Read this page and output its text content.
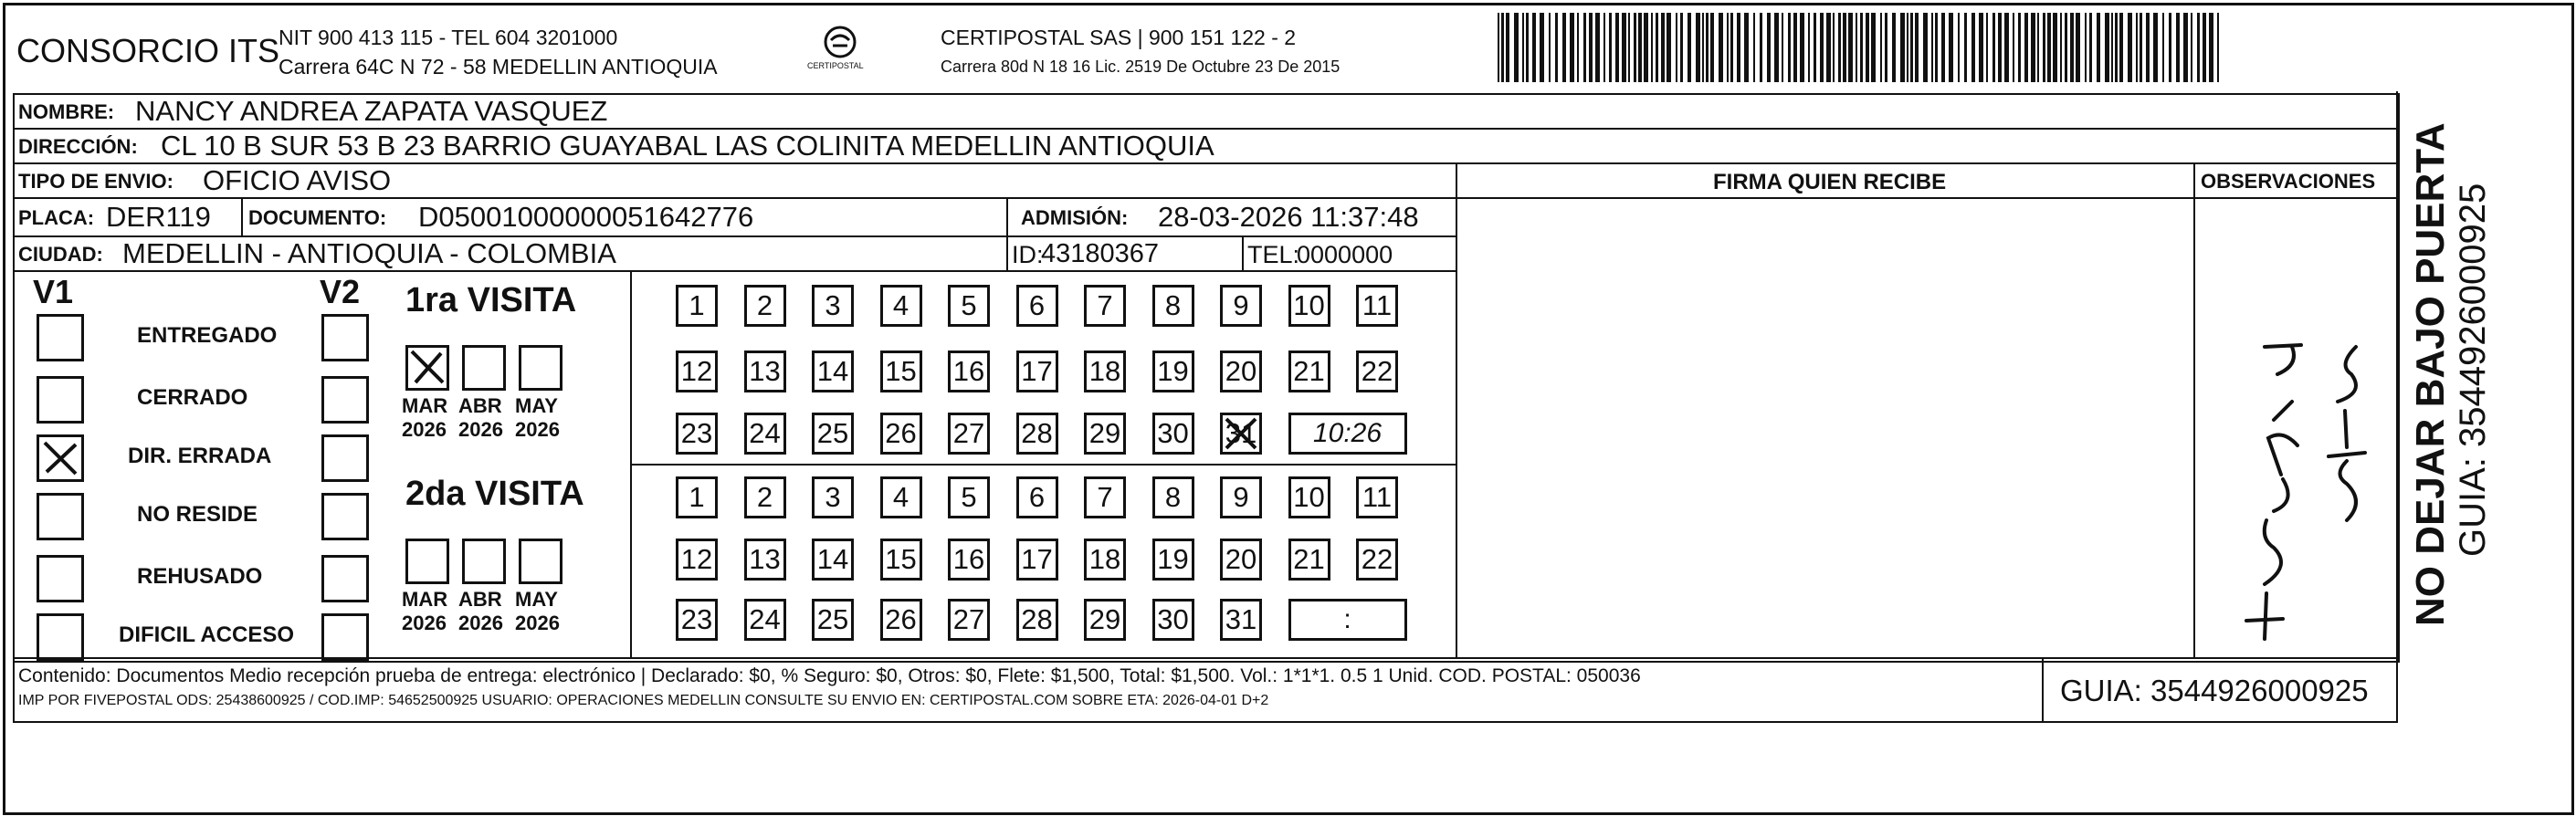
CONSORCIO ITS
NIT 900 413 115 - TEL 604 3201000
Carrera 64C N 72 - 58 MEDELLIN ANTIOQUIA	CERTIPOSTAL
CERTIPOSTAL SAS | 900 151 122 - 2
Carrera 80d N 18 16 Lic. 2519 De Octubre 23 De 2015
NOMBRE: NANCY ANDREA ZAPATA VASQUEZ
DIRECCIÓN: CL 10 B SUR 53 B 23 BARRIO GUAYABAL LAS COLINITA MEDELLIN ANTIOQUIA
TIPO DE ENVIO: OFICIO AVISO
PLACA: DER119 DOCUMENTO: D05001000000051642776	ADMISIÓN: 28-03-2026 11:37:48
CIUDAD: MEDELLIN - ANTIOQUIA - COLOMBIA	ID:
43180367	TEL:
0000000
FIRMA QUIEN RECIBE	OBSERVACIONES
V1	V2
ENTREGADO
CERRADO
DIR. ERRADA
NO RESIDE
REHUSADO
DIFICIL ACCESO
1ra VISITA
2da VISITA
MAR
2026
ABR
2026
MAY
2026
MAR
2026
ABR
2026
MAY
2026
1	2	3	4	5	6	7	8	9	10 11
12 13 14 15 16 17 18 19 20 21 22
23 24 25 26 27 28 29 30 31	10:26
1	2	3	4	5	6	7	8	9	10 11
12 13 14 15 16 17 18 19 20 21 22
23 24 25 26 27 28 29 30 31	:
Contenido: Documentos Medio recepción prueba de entrega: electrónico | Declarado: $0, % Seguro: $0, Otros: $0, Flete: $1,500, Total: $1,500. Vol.: 1*1*1. 0.5 1 Unid. COD. POSTAL: 050036
IMP POR FIVEPOSTAL ODS: 25438600925 / COD.IMP: 54652500925 USUARIO: OPERACIONES MEDELLIN CONSULTE SU ENVIO EN: CERTIPOSTAL.COM SOBRE ETA: 2026-04-01 D+2	GUIA: 3544926000925
NO DEJAR BAJO PUERTA GUIA: 3544926000925
